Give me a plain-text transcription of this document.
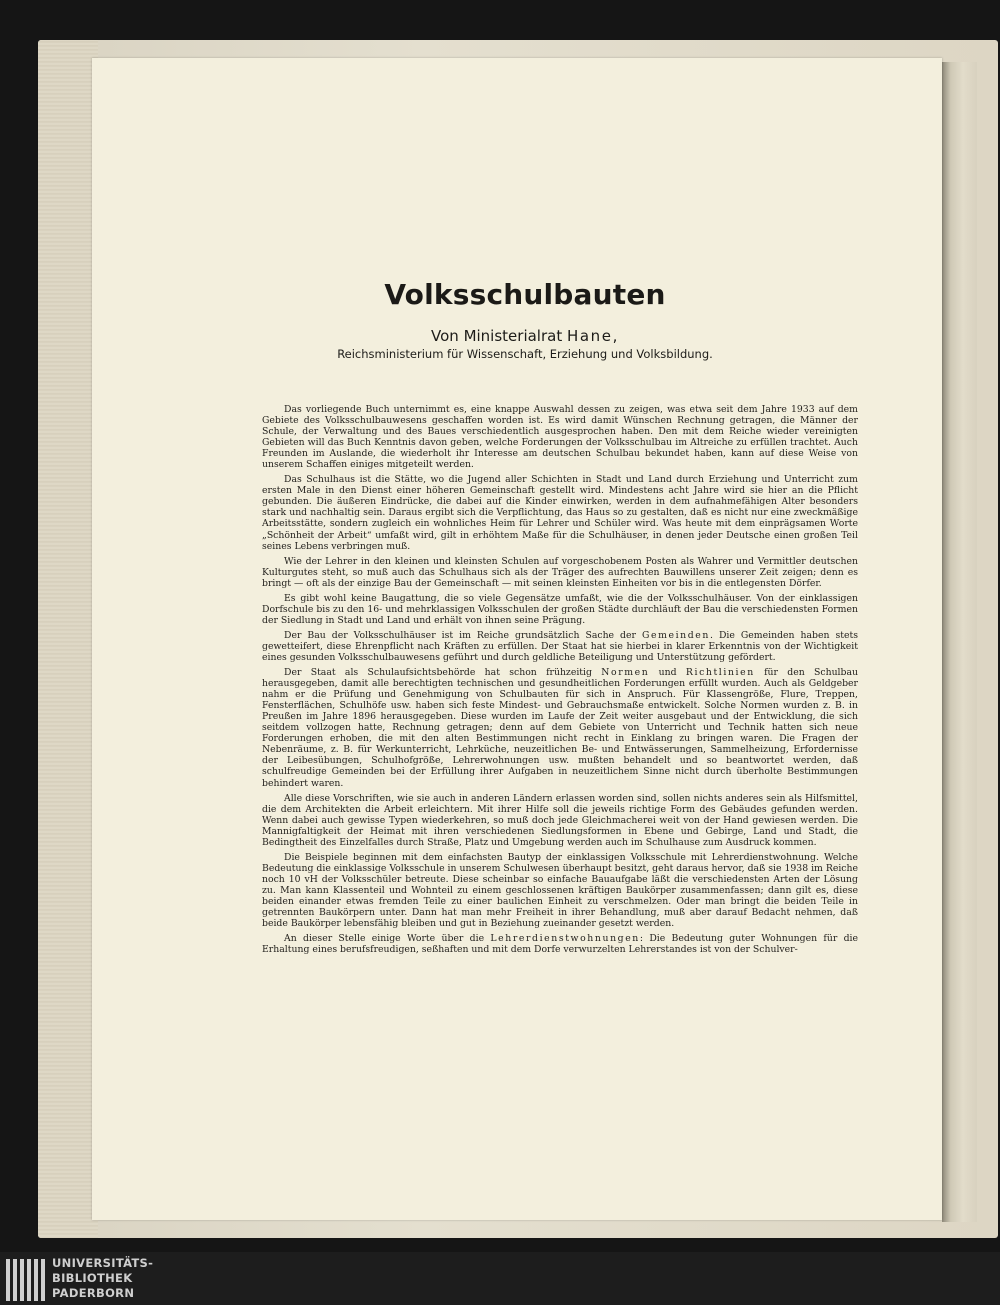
Volksschulbauten
Von Ministerialrat Hane,
Reichsministerium für Wissenschaft, Erziehung und Volksbildung.

Das vorliegende Buch unternimmt es, eine knappe Auswahl dessen zu zeigen, was etwa seit dem Jahre 1933 auf dem Gebiete des Volksschulbauwesens geschaffen worden ist. Es wird damit Wünschen Rechnung getragen, die Männer der Schule, der Verwaltung und des Baues verschiedentlich ausgesprochen haben. Den mit dem Reiche wieder vereinigten Gebieten will das Buch Kenntnis davon geben, welche Forderungen der Volksschulbau im Altreiche zu erfüllen trachtet. Auch Freunden im Auslande, die wiederholt ihr Interesse am deutschen Schulbau bekundet haben, kann auf diese Weise von unserem Schaffen einiges mitgeteilt werden.

Das Schulhaus ist die Stätte, wo die Jugend aller Schichten in Stadt und Land durch Erziehung und Unterricht zum ersten Male in den Dienst einer höheren Gemeinschaft gestellt wird. Mindestens acht Jahre wird sie hier an die Pflicht gebunden. Die äußeren Eindrücke, die dabei auf die Kinder einwirken, werden in dem aufnahmefähigen Alter besonders stark und nachhaltig sein. Daraus ergibt sich die Verpflichtung, das Haus so zu gestalten, daß es nicht nur eine zweckmäßige Arbeitsstätte, sondern zugleich ein wohnliches Heim für Lehrer und Schüler wird. Was heute mit dem einprägsamen Worte „Schönheit der Arbeit“ umfaßt wird, gilt in erhöhtem Maße für die Schulhäuser, in denen jeder Deutsche einen großen Teil seines Lebens verbringen muß.

Wie der Lehrer in den kleinen und kleinsten Schulen auf vorgeschobenem Posten als Wahrer und Vermittler deutschen Kulturgutes steht, so muß auch das Schulhaus sich als der Träger des aufrechten Bauwillens unserer Zeit zeigen; denn es bringt — oft als der einzige Bau der Gemeinschaft — mit seinen kleinsten Einheiten vor bis in die entlegensten Dörfer.

Es gibt wohl keine Baugattung, die so viele Gegensätze umfaßt, wie die der Volksschulhäuser. Von der einklassigen Dorfschule bis zu den 16- und mehrklassigen Volksschulen der großen Städte durchläuft der Bau die verschiedensten Formen der Siedlung in Stadt und Land und erhält von ihnen seine Prägung.

Der Bau der Volksschulhäuser ist im Reiche grundsätzlich Sache der Gemeinden. Die Gemeinden haben stets gewetteifert, diese Ehrenpflicht nach Kräften zu erfüllen. Der Staat hat sie hierbei in klarer Erkenntnis von der Wichtigkeit eines gesunden Volksschulbauwesens geführt und durch geldliche Beteiligung und Unterstützung gefördert.

Der Staat als Schulaufsichtsbehörde hat schon frühzeitig Normen und Richtlinien für den Schulbau herausgegeben, damit alle berechtigten technischen und gesundheitlichen Forderungen erfüllt wurden. Auch als Geldgeber nahm er die Prüfung und Genehmigung von Schulbauten für sich in Anspruch. Für Klassengröße, Flure, Treppen, Fensterflächen, Schulhöfe usw. haben sich feste Mindest- und Gebrauchsmaße entwickelt. Solche Normen wurden z. B. in Preußen im Jahre 1896 herausgegeben. Diese wurden im Laufe der Zeit weiter ausgebaut und der Entwicklung, die sich seitdem vollzogen hatte, Rechnung getragen; denn auf dem Gebiete von Unterricht und Technik hatten sich neue Forderungen erhoben, die mit den alten Bestimmungen nicht recht in Einklang zu bringen waren. Die Fragen der Nebenräume, z. B. für Werkunterricht, Lehrküche, neuzeitlichen Be- und Entwässerungen, Sammelheizung, Erfordernisse der Leibesübungen, Schulhofgröße, Lehrerwohnungen usw. mußten behandelt und so beantwortet werden, daß schulfreudige Gemeinden bei der Erfüllung ihrer Aufgaben in neuzeitlichem Sinne nicht durch überholte Bestimmungen behindert waren.

Alle diese Vorschriften, wie sie auch in anderen Ländern erlassen worden sind, sollen nichts anderes sein als Hilfsmittel, die dem Architekten die Arbeit erleichtern. Mit ihrer Hilfe soll die jeweils richtige Form des Gebäudes gefunden werden. Wenn dabei auch gewisse Typen wiederkehren, so muß doch jede Gleichmacherei weit von der Hand gewiesen werden. Die Mannigfaltigkeit der Heimat mit ihren verschiedenen Siedlungsformen in Ebene und Gebirge, Land und Stadt, die Bedingtheit des Einzelfalles durch Straße, Platz und Umgebung werden auch im Schulhause zum Ausdruck kommen.

Die Beispiele beginnen mit dem einfachsten Bautyp der einklassigen Volksschule mit Lehrerdienstwohnung. Welche Bedeutung die einklassige Volksschule in unserem Schulwesen überhaupt besitzt, geht daraus hervor, daß sie 1938 im Reiche noch 10 vH der Volksschüler betreute. Diese scheinbar so einfache Bauaufgabe läßt die verschiedensten Arten der Lösung zu. Man kann Klassenteil und Wohnteil zu einem geschlossenen kräftigen Baukörper zusammenfassen; dann gilt es, diese beiden einander etwas fremden Teile zu einer baulichen Einheit zu verschmelzen. Oder man bringt die beiden Teile in getrennten Baukörpern unter. Dann hat man mehr Freiheit in ihrer Behandlung, muß aber darauf Bedacht nehmen, daß beide Baukörper lebensfähig bleiben und gut in Beziehung zueinander gesetzt werden.

An dieser Stelle einige Worte über die Lehrerdienstwohnungen: Die Bedeutung guter Wohnungen für die Erhaltung eines berufsfreudigen, seßhaften und mit dem Dorfe verwurzelten Lehrerstandes ist von der Schulver-

UNIVERSITÄTS-
BIBLIOTHEK
PADERBORN
